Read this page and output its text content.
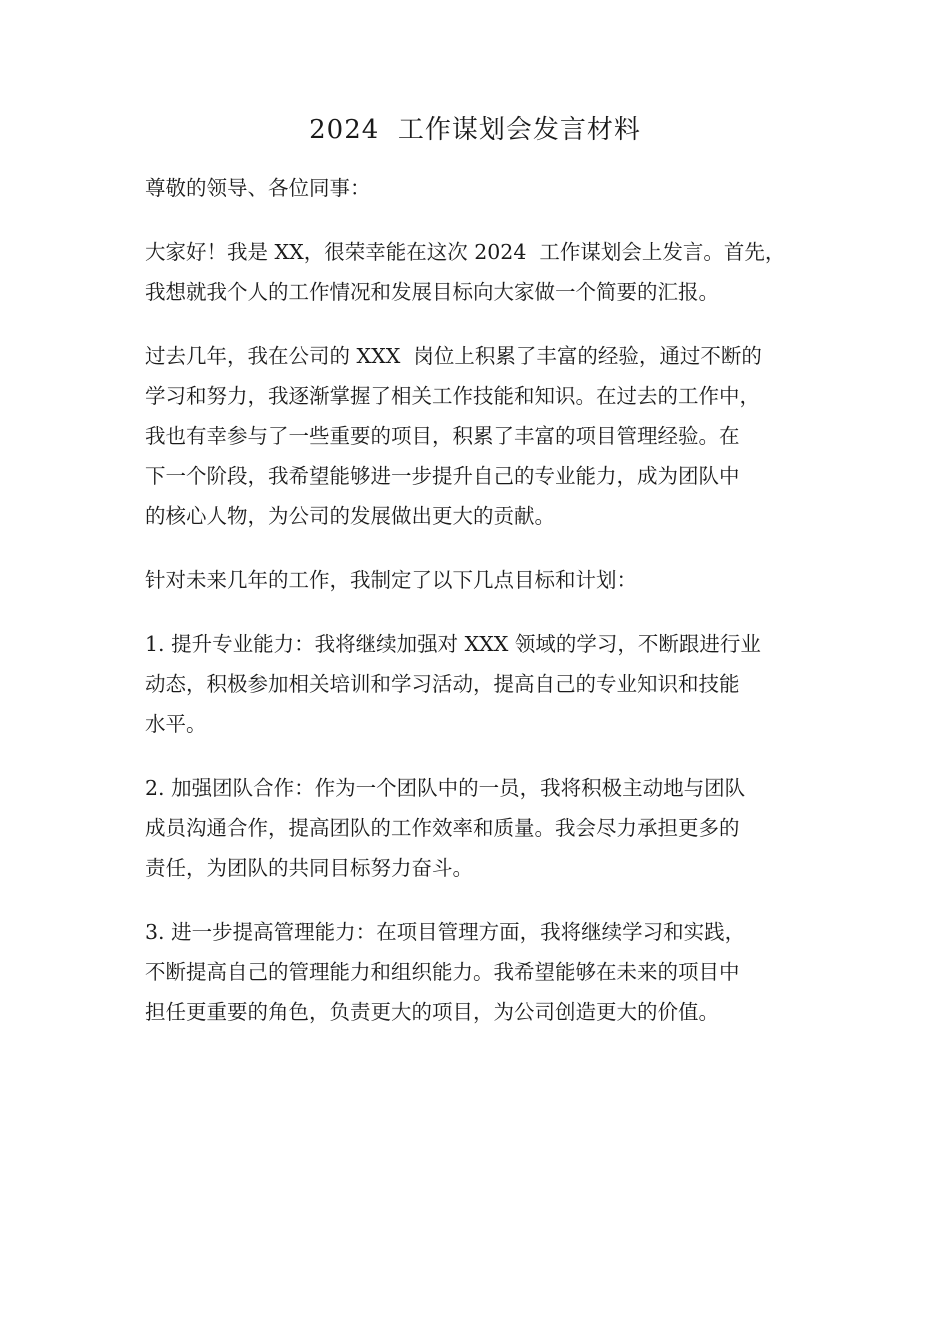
2024  工作谋划会发言材料
尊敬的领导、各位同事：
大家好！我是 XX，很荣幸能在这次 2024  工作谋划会上发言。首先，
我想就我个人的工作情况和发展目标向大家做一个简要的汇报。
过去几年，我在公司的 XXX  岗位上积累了丰富的经验，通过不断的
学习和努力，我逐渐掌握了相关工作技能和知识。在过去的工作中，
我也有幸参与了一些重要的项目，积累了丰富的项目管理经验。在
下一个阶段，我希望能够进一步提升自己的专业能力，成为团队中
的核心人物，为公司的发展做出更大的贡献。
针对未来几年的工作，我制定了以下几点目标和计划：
1. 提升专业能力：我将继续加强对 XXX 领域的学习，不断跟进行业
动态，积极参加相关培训和学习活动，提高自己的专业知识和技能
水平。
2. 加强团队合作：作为一个团队中的一员，我将积极主动地与团队
成员沟通合作，提高团队的工作效率和质量。我会尽力承担更多的
责任，为团队的共同目标努力奋斗。
3. 进一步提高管理能力：在项目管理方面，我将继续学习和实践，
不断提高自己的管理能力和组织能力。我希望能够在未来的项目中
担任更重要的角色，负责更大的项目，为公司创造更大的价值。
